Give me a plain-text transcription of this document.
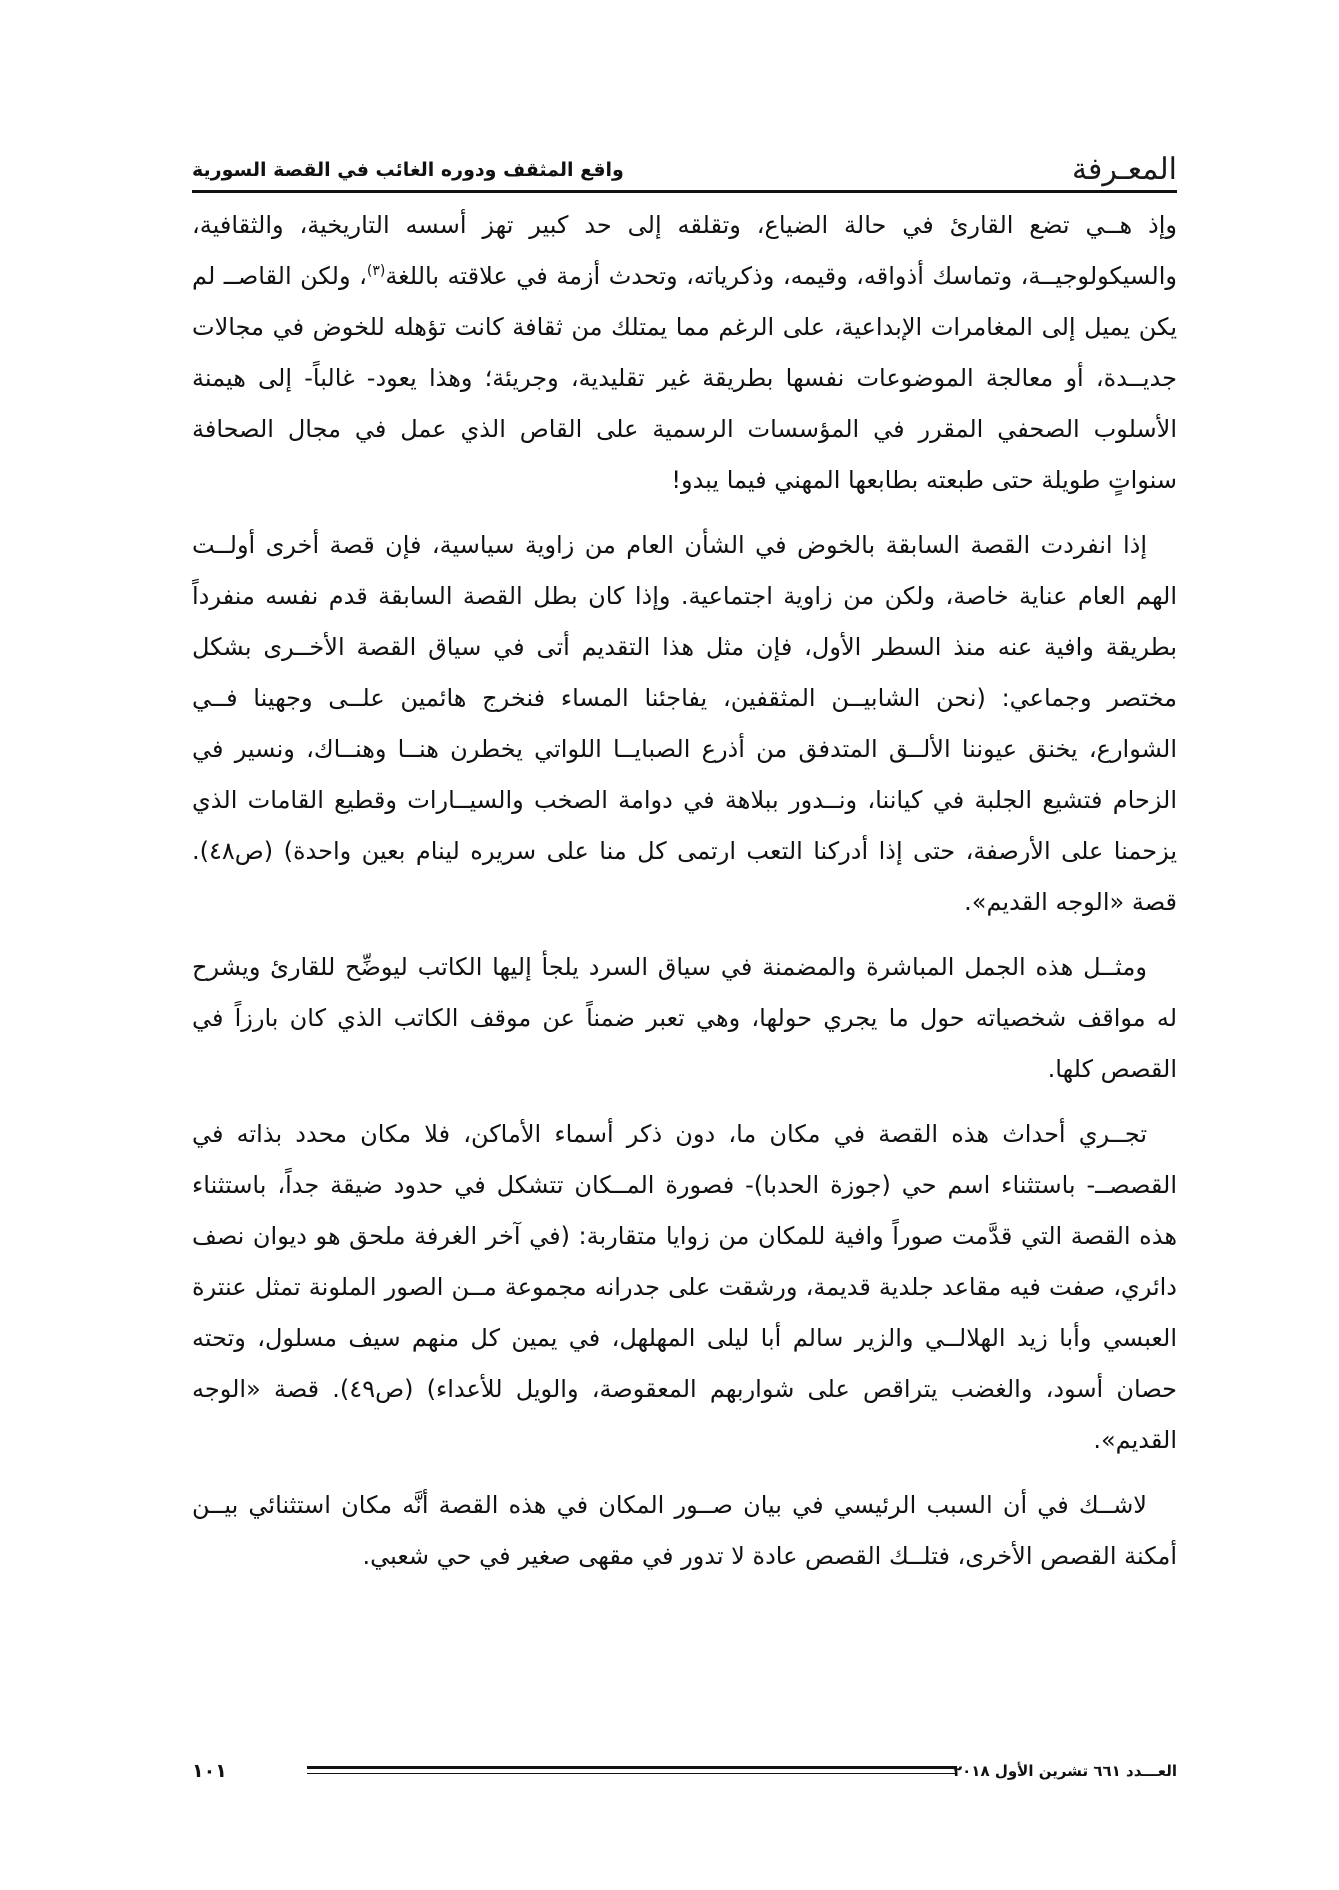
المعـرفة
واقع المثقف ودوره الغائب في القصة السورية

وإذ هــي تضع القارئ في حالة الضياع، وتقلقه إلى حد كبير تهز أسسه التاريخية، والثقافية، والسيكولوجيــة، وتماسك أذواقه، وقيمه، وذكرياته، وتحدث أزمة في علاقته باللغة$^{(٣)}$، ولكن القاصــ لم يكن يميل إلى المغامرات الإبداعية، على الرغم مما يمتلك من ثقافة كانت تؤهله للخوض في مجالات جديــدة، أو معالجة الموضوعات نفسها بطريقة غير تقليدية، وجريئة؛ وهذا يعود- غالباً- إلى هيمنة الأسلوب الصحفي المقرر في المؤسسات الرسمية على القاص الذي عمل في مجال الصحافة سنواتٍ طويلة حتى طبعته بطابعها المهني فيما يبدو!

إذا انفردت القصة السابقة بالخوض في الشأن العام من زاوية سياسية، فإن قصة أخرى أولــت الهم العام عناية خاصة، ولكن من زاوية اجتماعية. وإذا كان بطل القصة السابقة قدم نفسه منفرداً بطريقة وافية عنه منذ السطر الأول، فإن مثل هذا التقديم أتى في سياق القصة الأخــرى بشكل مختصر وجماعي: (نحن الشابيــن المثقفين، يفاجئنا المساء فنخرج هائمين علــى وجهينا فــي الشوارع، يخنق عيوننا الألــق المتدفق من أذرع الصبايــا اللواتي يخطرن هنــا وهنــاك، ونسير في الزحام فتشيع الجلبة في كياننا، ونــدور ببلاهة في دوامة الصخب والسيــارات وقطيع القامات الذي يزحمنا على الأرصفة، حتى إذا أدركنا التعب ارتمى كل منا على سريره لينام بعين واحدة) (ص٤٨). قصة «الوجه القديم».

ومثــل هذه الجمل المباشرة والمضمنة في سياق السرد يلجأ إليها الكاتب ليوضِّح للقارئ ويشرح له مواقف شخصياته حول ما يجري حولها، وهي تعبر ضمناً عن موقف الكاتب الذي كان بارزاً في القصص كلها.

تجــري أحداث هذه القصة في مكان ما، دون ذكر أسماء الأماكن، فلا مكان محدد بذاته في القصصــ- باستثناء اسم حي (جوزة الحدبا)- فصورة المــكان تتشكل في حدود ضيقة جداً، باستثناء هذه القصة التي قدَّمت صوراً وافية للمكان من زوايا متقاربة: (في آخر الغرفة ملحق هو ديوان نصف دائري، صفت فيه مقاعد جلدية قديمة، ورشقت على جدرانه مجموعة مــن الصور الملونة تمثل عنترة العبسي وأبا زيد الهلالــي والزير سالم أبا ليلى المهلهل، في يمين كل منهم سيف مسلول، وتحته حصان أسود، والغضب يتراقص على شواربهم المعقوصة، والويل للأعداء) (ص٤٩). قصة «الوجه القديم».

لاشــك في أن السبب الرئيسي في بيان صــور المكان في هذه القصة أنَّه مكان استثنائي بيــن أمكنة القصص الأخرى، فتلــك القصص عادة لا تدور في مقهى صغير في حي شعبي.

العـــدد ٦٦١ تشرين الأول ٢٠١٨
١٠١
